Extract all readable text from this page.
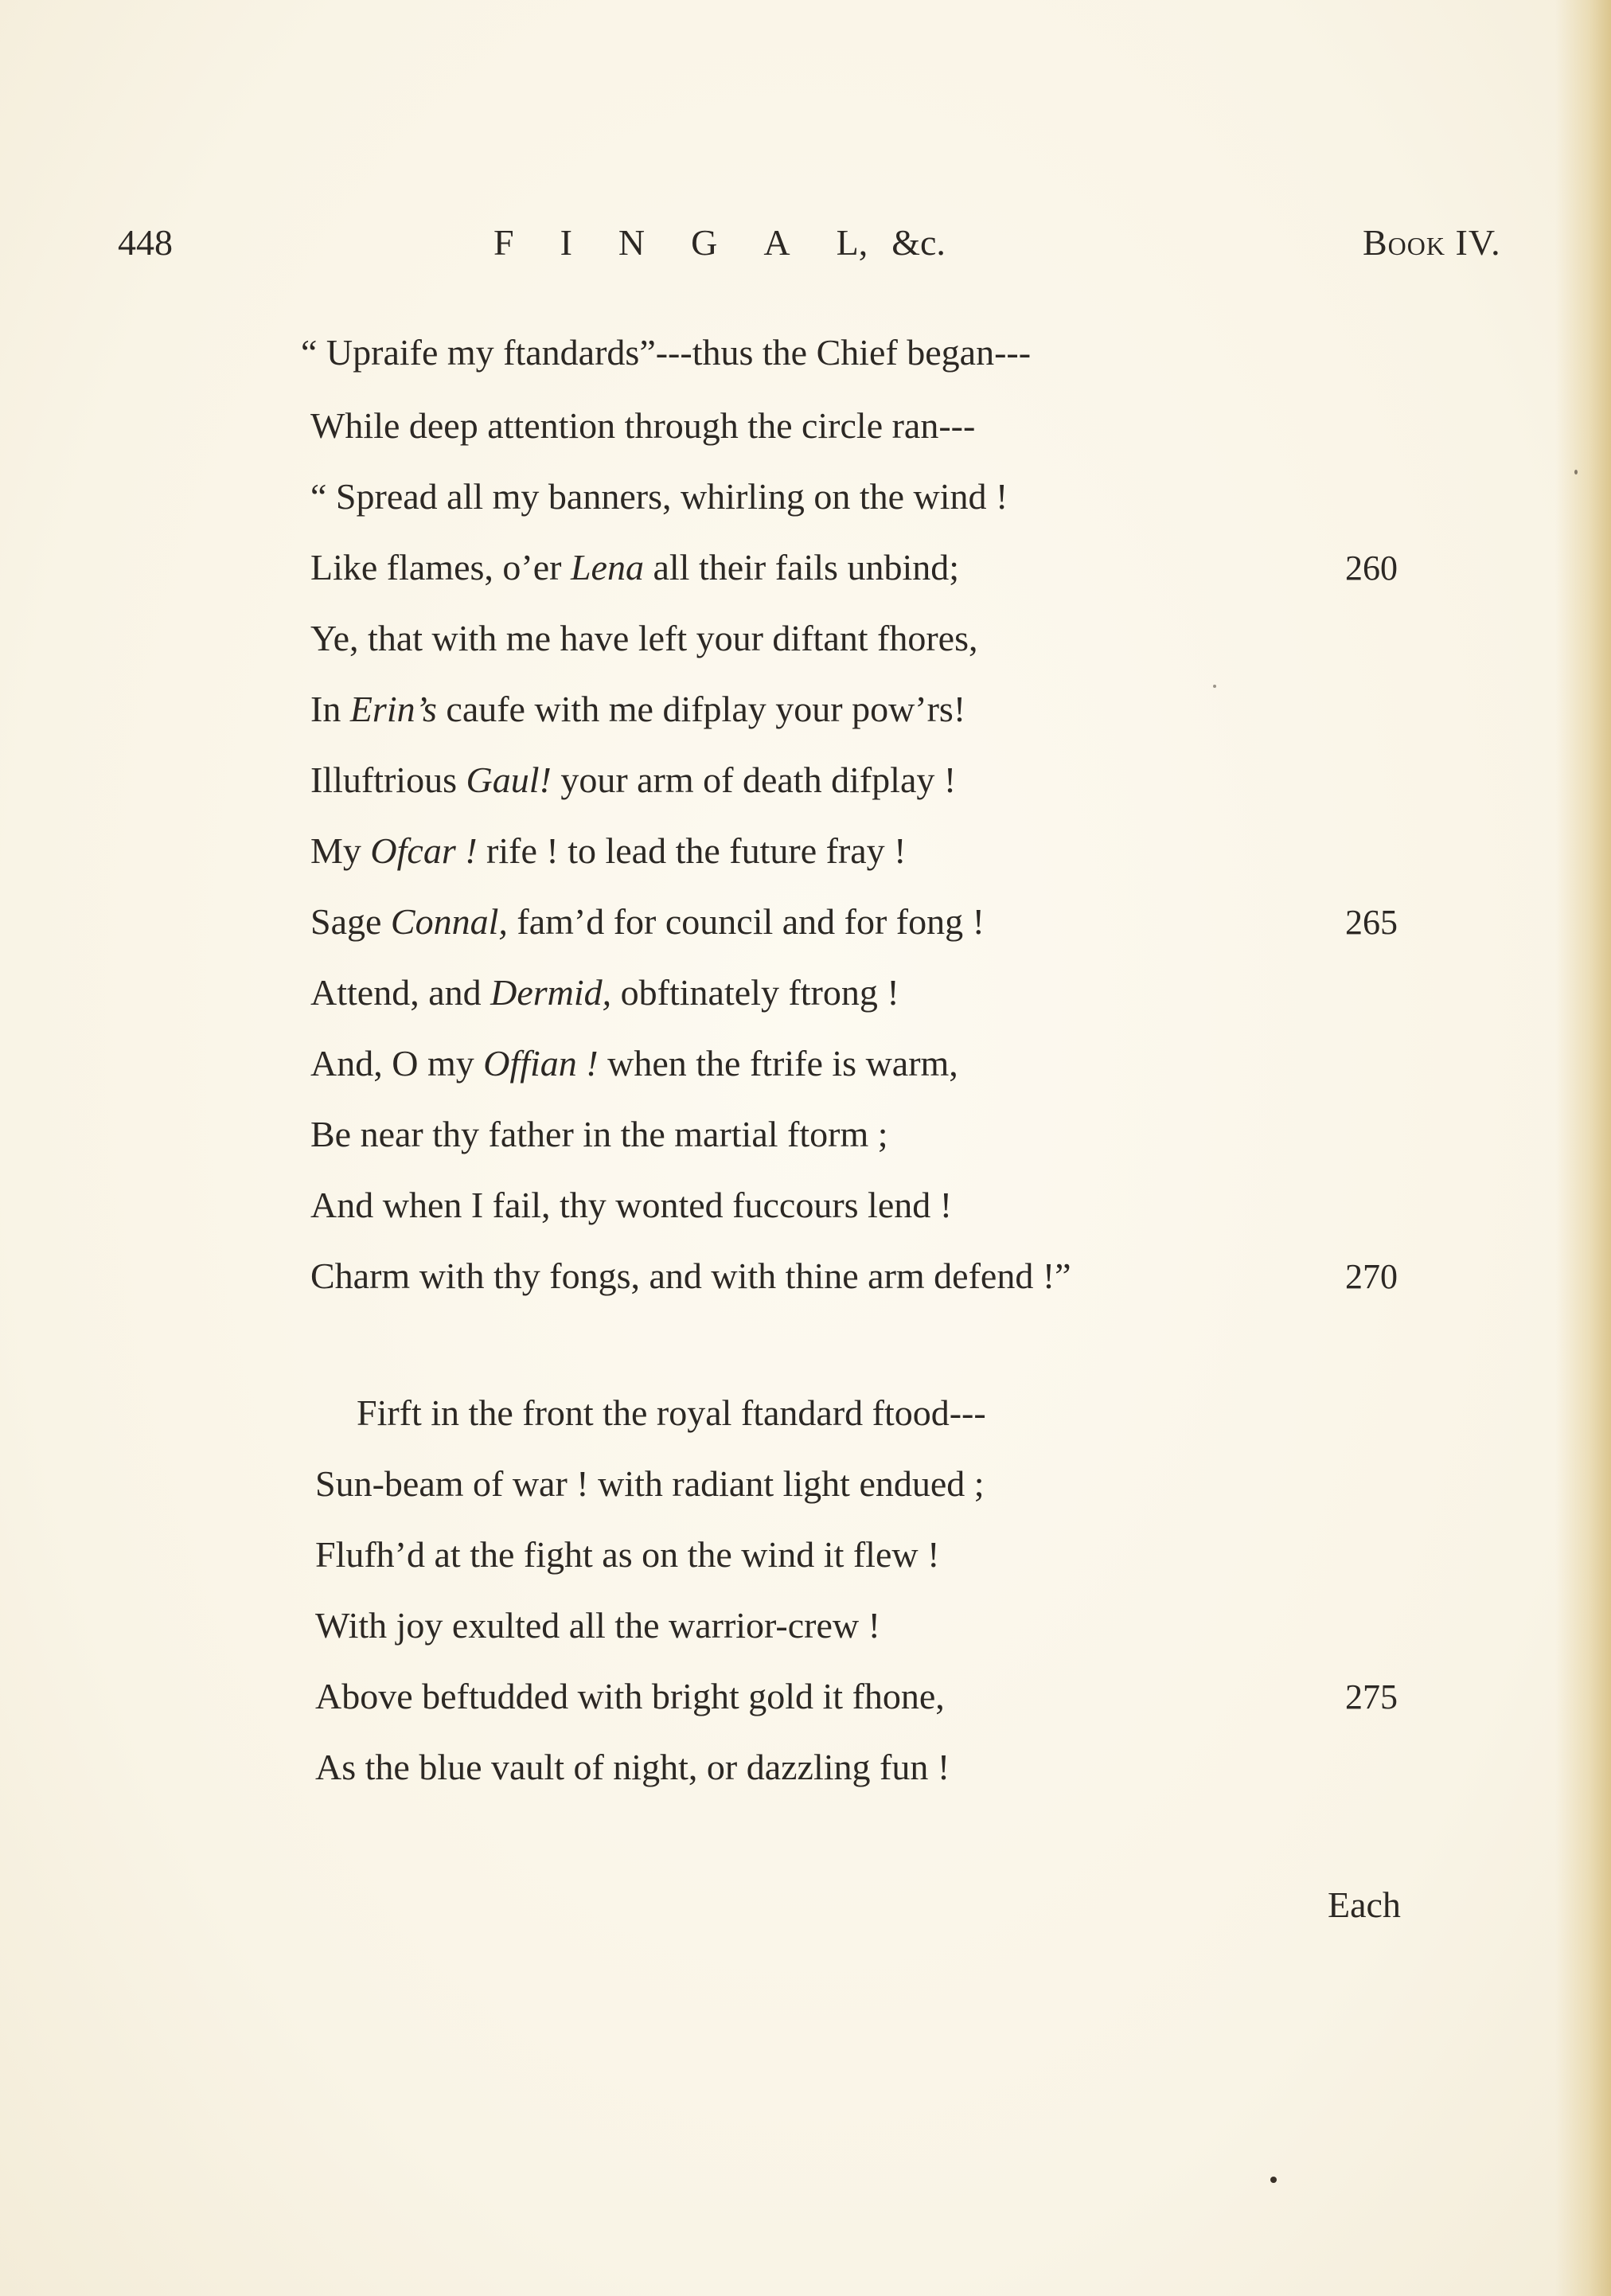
448	F I N G A L, &c.	Book IV.
“ Upraife my ftandards”---thus the Chief began---
While deep attention through the circle ran---
“ Spread all my banners, whirling on the wind !
Like flames, o’er Lena all their fails unbind;
Ye, that with me have left your diftant fhores,
In Erin’s caufe with me difplay your pow’rs!
Illuftrious Gaul! your arm of death difplay !
My Ofcar ! rife ! to lead the future fray !
Sage Connal, fam’d for council and for fong !
Attend, and Dermid, obftinately ftrong !
And, O my Offian ! when the ftrife is warm,
Be near thy father in the martial ftorm ;
And when I fail, thy wonted fuccours lend !
Charm with thy fongs, and with thine arm defend !”
Firft in the front the royal ftandard ftood---
Sun-beam of war ! with radiant light endued ;
Flufh’d at the fight as on the wind it flew !
With joy exulted all the warrior-crew !
Above beftudded with bright gold it fhone,
As the blue vault of night, or dazzling fun !
260
265
270
275
Each
